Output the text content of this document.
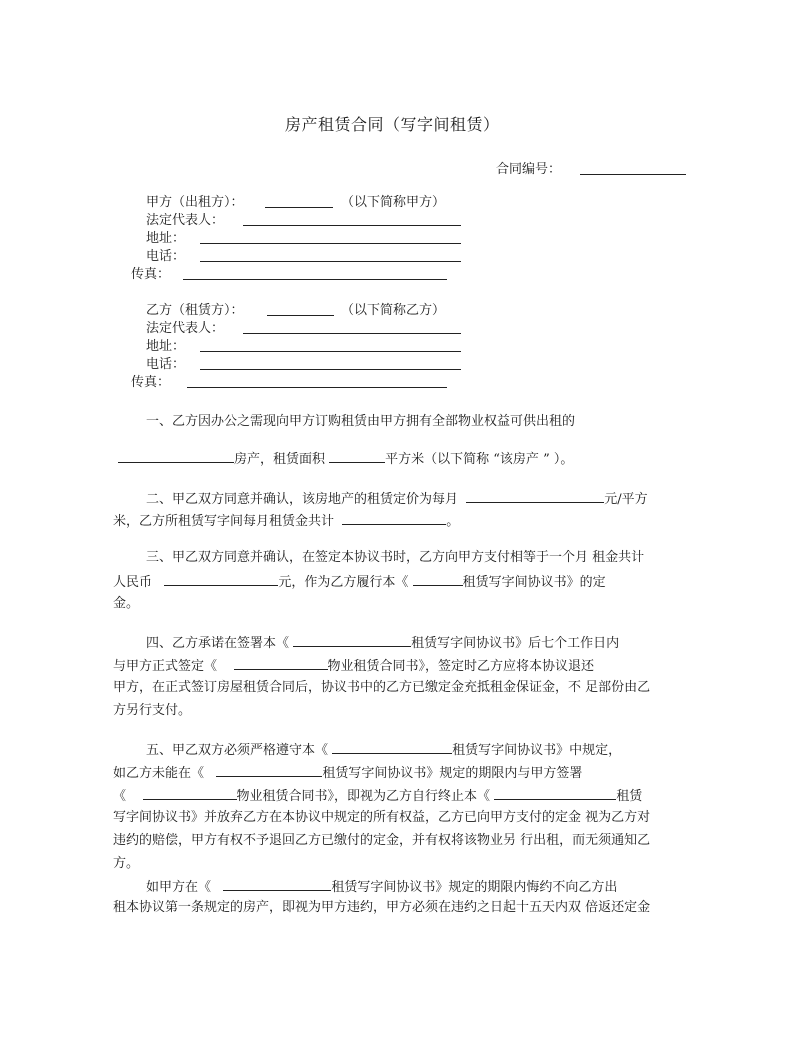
房产租赁合同（写字间租赁）
合同编号：
甲方（出租方）：	（以下简称甲方）
法定代表人：
地址：
电话：
传真：
乙方（租赁方）：	（以下简称乙方）
法定代表人：
地址：
电话：
传真：
一、乙方因办公之需现向甲方订购租赁由甲方拥有全部物业权益可供出租的
房产，租赁面积	平方米（以下简称 “该房产 ” ）。
二、甲乙双方同意并确认，该房地产的租赁定价为每月	元/平方
米，乙方所租赁写字间每月租赁金共计	。
三、甲乙双方同意并确认，在签定本协议书时，乙方向甲方支付相等于一个月 租金共计
人民币	元，作为乙方履行本《	租赁写字间协议书》的定
金。
四、乙方承诺在签署本《	租赁写字间协议书》后七个工作日内
与甲方正式签定《	物业租赁合同书》，签定时乙方应将本协议退还
甲方，在正式签订房屋租赁合同后，协议书中的乙方已缴定金充抵租金保证金，不 足部份由乙
方另行支付。
五、甲乙双方必须严格遵守本《	租赁写字间协议书》中规定，
如乙方未能在《	租赁写字间协议书》规定的期限内与甲方签署
《	物业租赁合同书》，即视为乙方自行终止本《	租赁
写字间协议书》并放弃乙方在本协议中规定的所有权益，乙方已向甲方支付的定金 视为乙方对
违约的赔偿，甲方有权不予退回乙方已缴付的定金，并有权将该物业另 行出租，而无须通知乙
方。
如甲方在《	租赁写字间协议书》规定的期限内悔约不向乙方出
租本协议第一条规定的房产，即视为甲方违约，甲方必须在违约之日起十五天内双 倍返还定金
